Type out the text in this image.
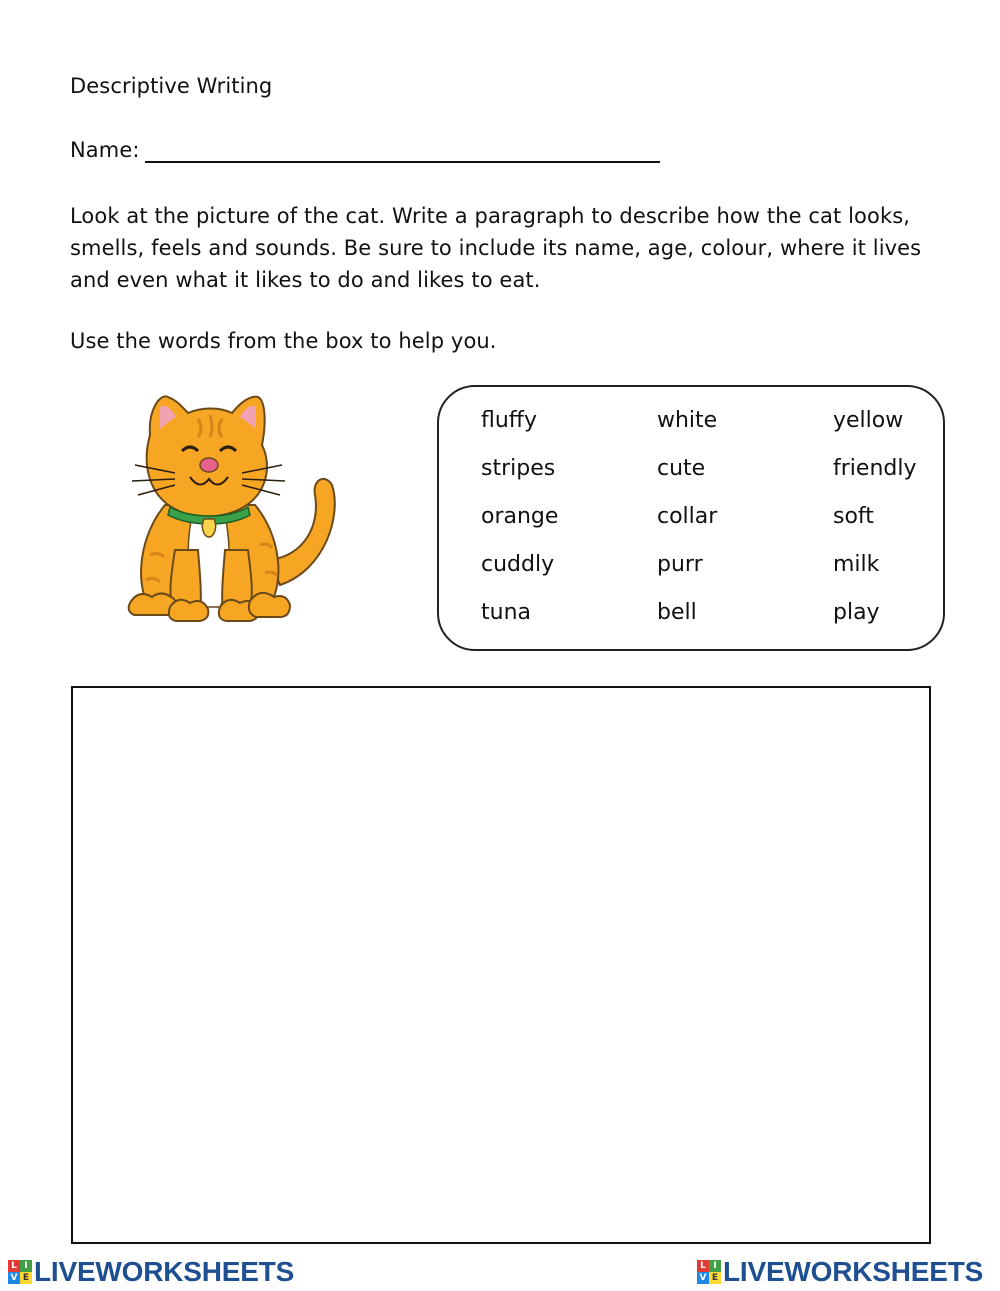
Descriptive Writing
Name:
Look at the picture of the cat. Write a paragraph to describe how the cat looks, smells, feels and sounds. Be sure to include its name, age, colour, where it lives and even what it likes to do and likes to eat.
Use the words from the box to help you.
fluffy	white	yellow
stripes	cute	friendly
orange	collar	soft
cuddly	purr	milk
tuna	bell	play
L I
V E LIVEWORKSHEETS	L I
V E LIVEWORKSHEETS
